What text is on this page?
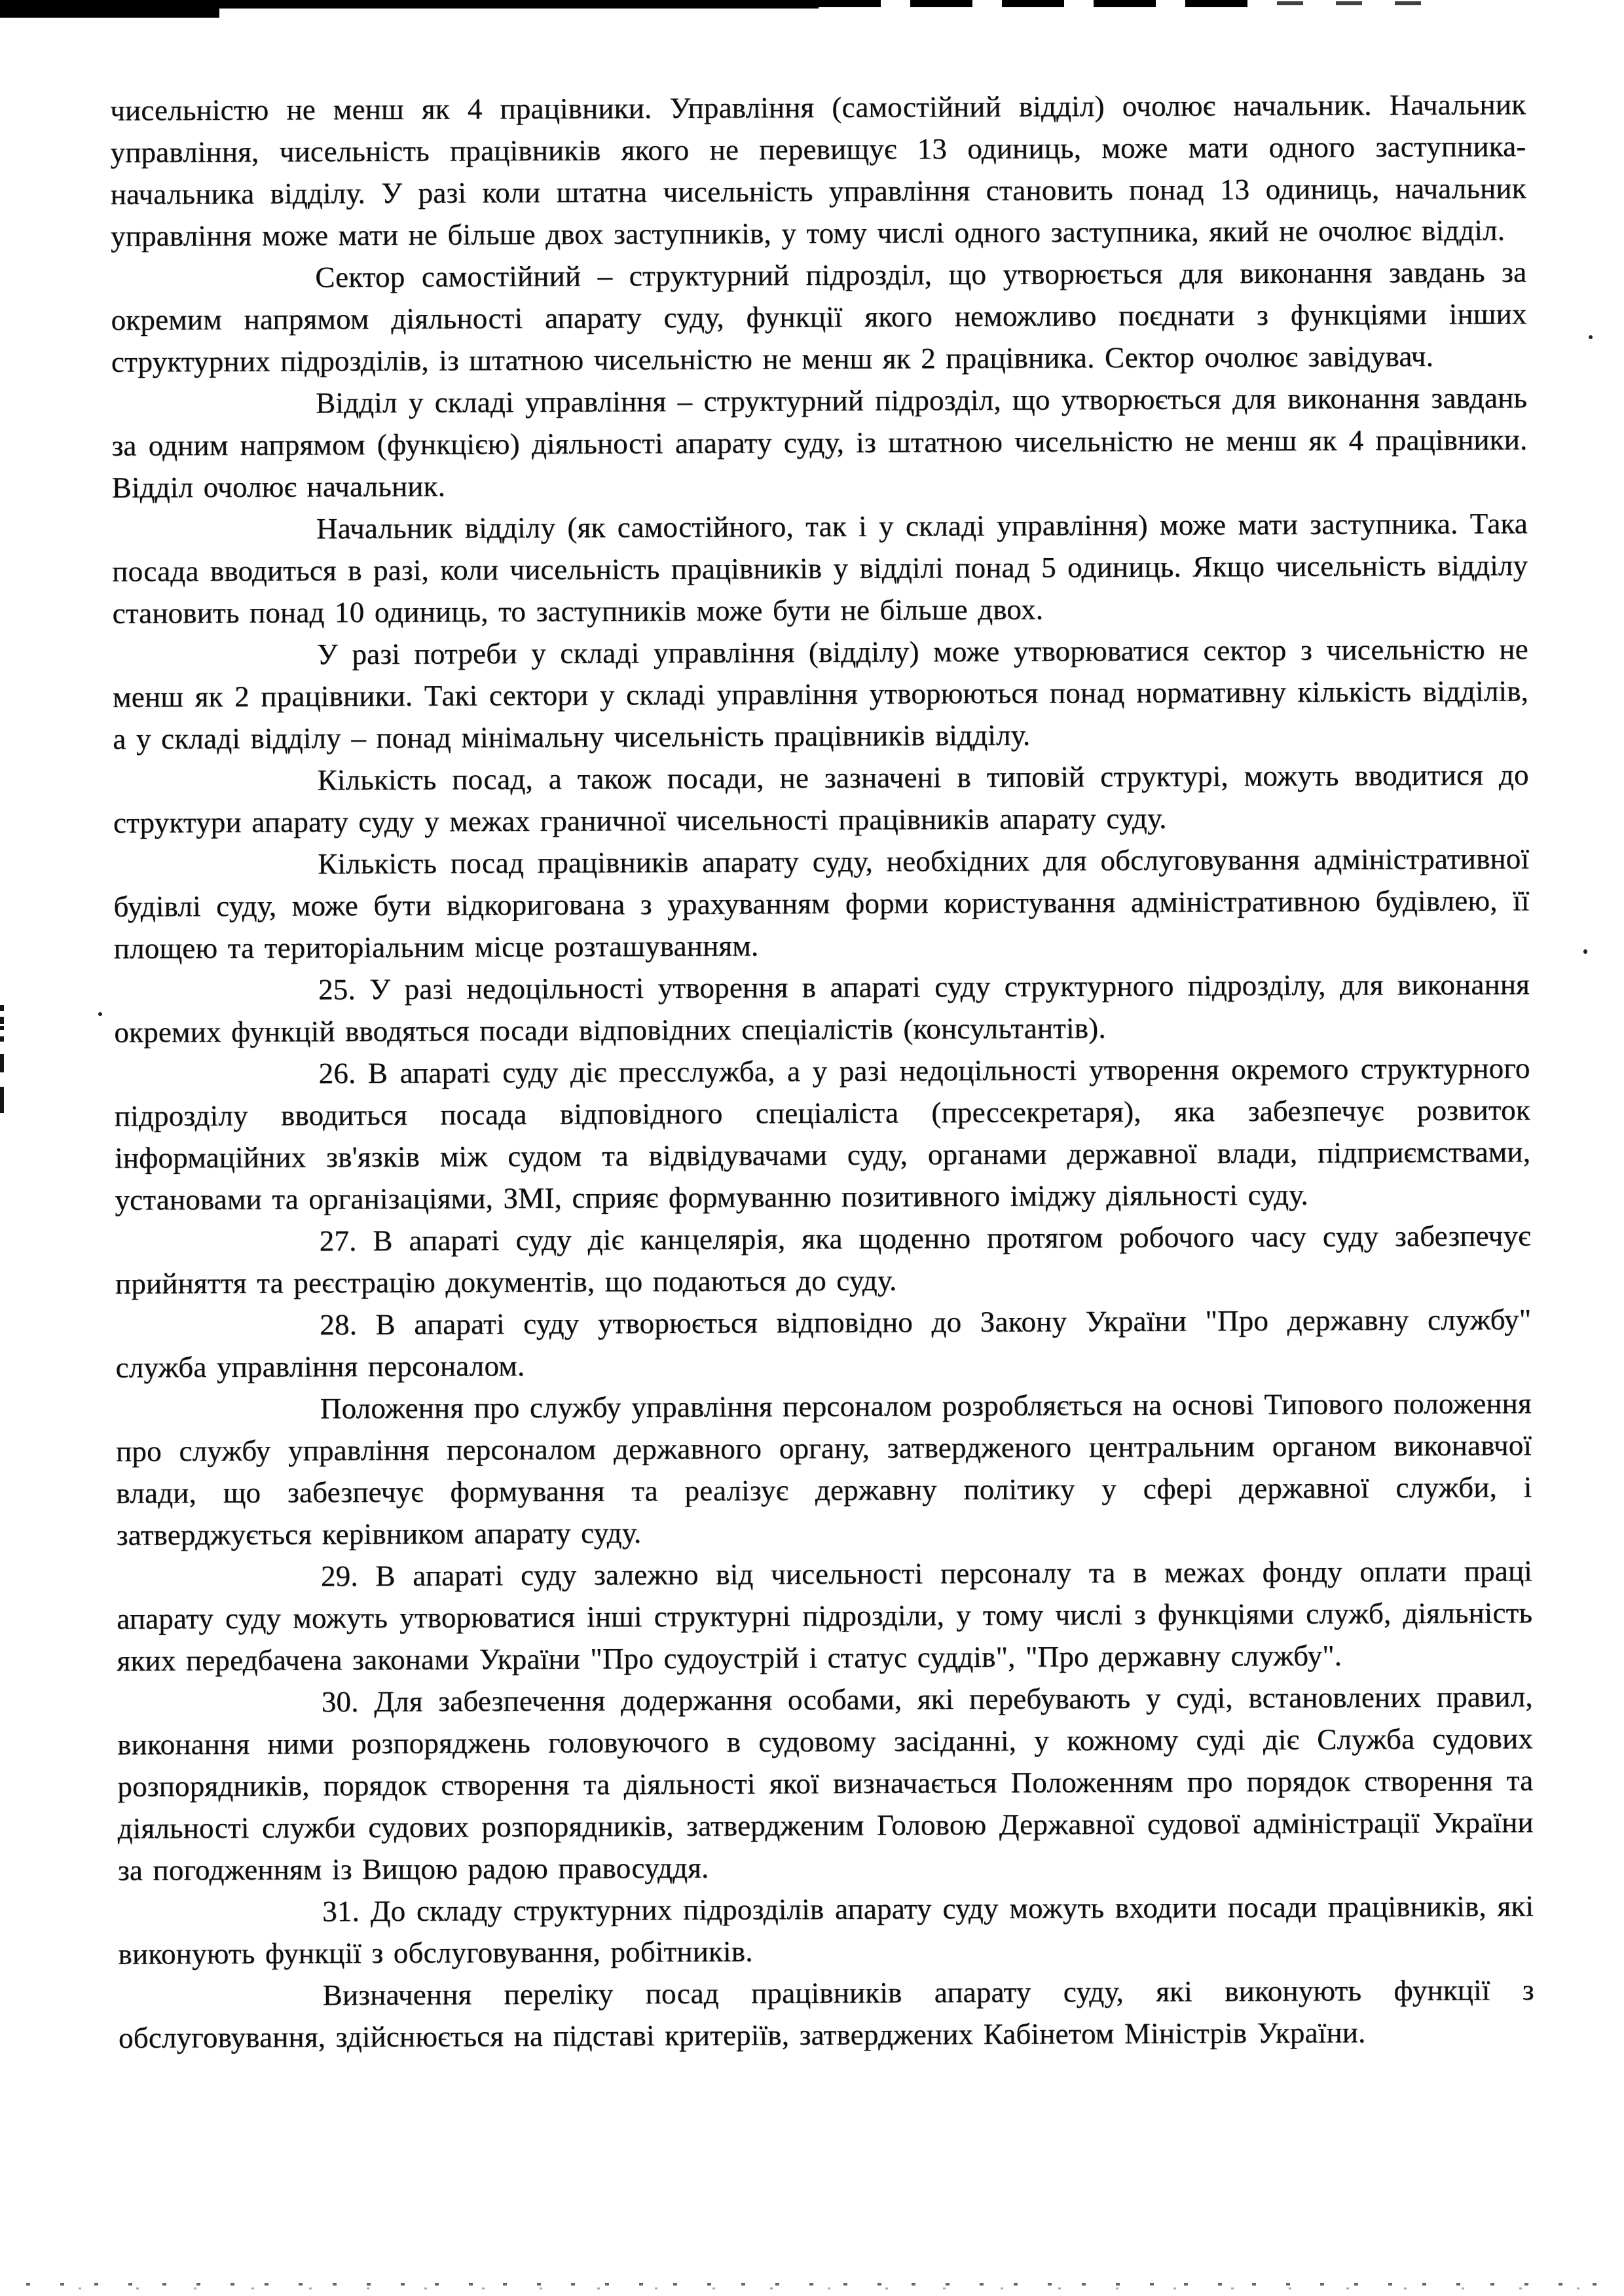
чисельністю не менш як 4 працівники. Управління (самостійний відділ) очолює начальник. Начальник управління, чисельність працівників якого не перевищує 13 одиниць, може мати одного заступника-начальника відділу. У разі коли штатна чисельність управління становить понад 13 одиниць, начальник управління може мати не більше двох заступників, у тому числі одного заступника, який не очолює відділ.

Сектор самостійний – структурний підрозділ, що утворюється для виконання завдань за окремим напрямом діяльності апарату суду, функції якого неможливо поєднати з функціями інших структурних підрозділів, із штатною чисельністю не менш як 2 працівника. Сектор очолює завідувач.

Відділ у складі управління – структурний підрозділ, що утворюється для виконання завдань за одним напрямом (функцією) діяльності апарату суду, із штатною чисельністю не менш як 4 працівники. Відділ очолює начальник.

Начальник відділу (як самостійного, так і у складі управління) може мати заступника. Така посада вводиться в разі, коли чисельність працівників у відділі понад 5 одиниць. Якщо чисельність відділу становить понад 10 одиниць, то заступників може бути не більше двох.

У разі потреби у складі управління (відділу) може утворюватися сектор з чисельністю не менш як 2 працівники. Такі сектори у складі управління утворюються понад нормативну кількість відділів, а у складі відділу – понад мінімальну чисельність працівників відділу.

Кількість посад, а також посади, не зазначені в типовій структурі, можуть вводитися до структури апарату суду у межах граничної чисельності працівників апарату суду.

Кількість посад працівників апарату суду, необхідних для обслуговування адміністративної будівлі суду, може бути відкоригована з урахуванням форми користування адміністративною будівлею, її площею та територіальним місце розташуванням.

25. У разі недоцільності утворення в апараті суду структурного підрозділу, для виконання окремих функцій вводяться посади відповідних спеціалістів (консультантів).

26. В апараті суду діє пресслужба, а у разі недоцільності утворення окремого структурного підрозділу вводиться посада відповідного спеціаліста (прессекретаря), яка забезпечує розвиток інформаційних зв'язків між судом та відвідувачами суду, органами державної влади, підприємствами, установами та організаціями, ЗМІ, сприяє формуванню позитивного іміджу діяльності суду.

27. В апараті суду діє канцелярія, яка щоденно протягом робочого часу суду забезпечує прийняття та реєстрацію документів, що подаються до суду.

28. В апараті суду утворюється відповідно до Закону України "Про державну службу" служба управління персоналом.

Положення про службу управління персоналом розробляється на основі Типового положення про службу управління персоналом державного органу, затвердженого центральним органом виконавчої влади, що забезпечує формування та реалізує державну політику у сфері державної служби, і затверджується керівником апарату суду.

29. В апараті суду залежно від чисельності персоналу та в межах фонду оплати праці апарату суду можуть утворюватися інші структурні підрозділи, у тому числі з функціями служб, діяльність яких передбачена законами України "Про судоустрій і статус суддів", "Про державну службу".

30. Для забезпечення додержання особами, які перебувають у суді, встановлених правил, виконання ними розпоряджень головуючого в судовому засіданні, у кожному суді діє Служба судових розпорядників, порядок створення та діяльності якої визначається Положенням про порядок створення та діяльності служби судових розпорядників, затвердженим Головою Державної судової адміністрації України за погодженням із Вищою радою правосуддя.

31. До складу структурних підрозділів апарату суду можуть входити посади працівників, які виконують функції з обслуговування, робітників.

Визначення переліку посад працівників апарату суду, які виконують функції з обслуговування, здійснюється на підставі критеріїв, затверджених Кабінетом Міністрів України.
